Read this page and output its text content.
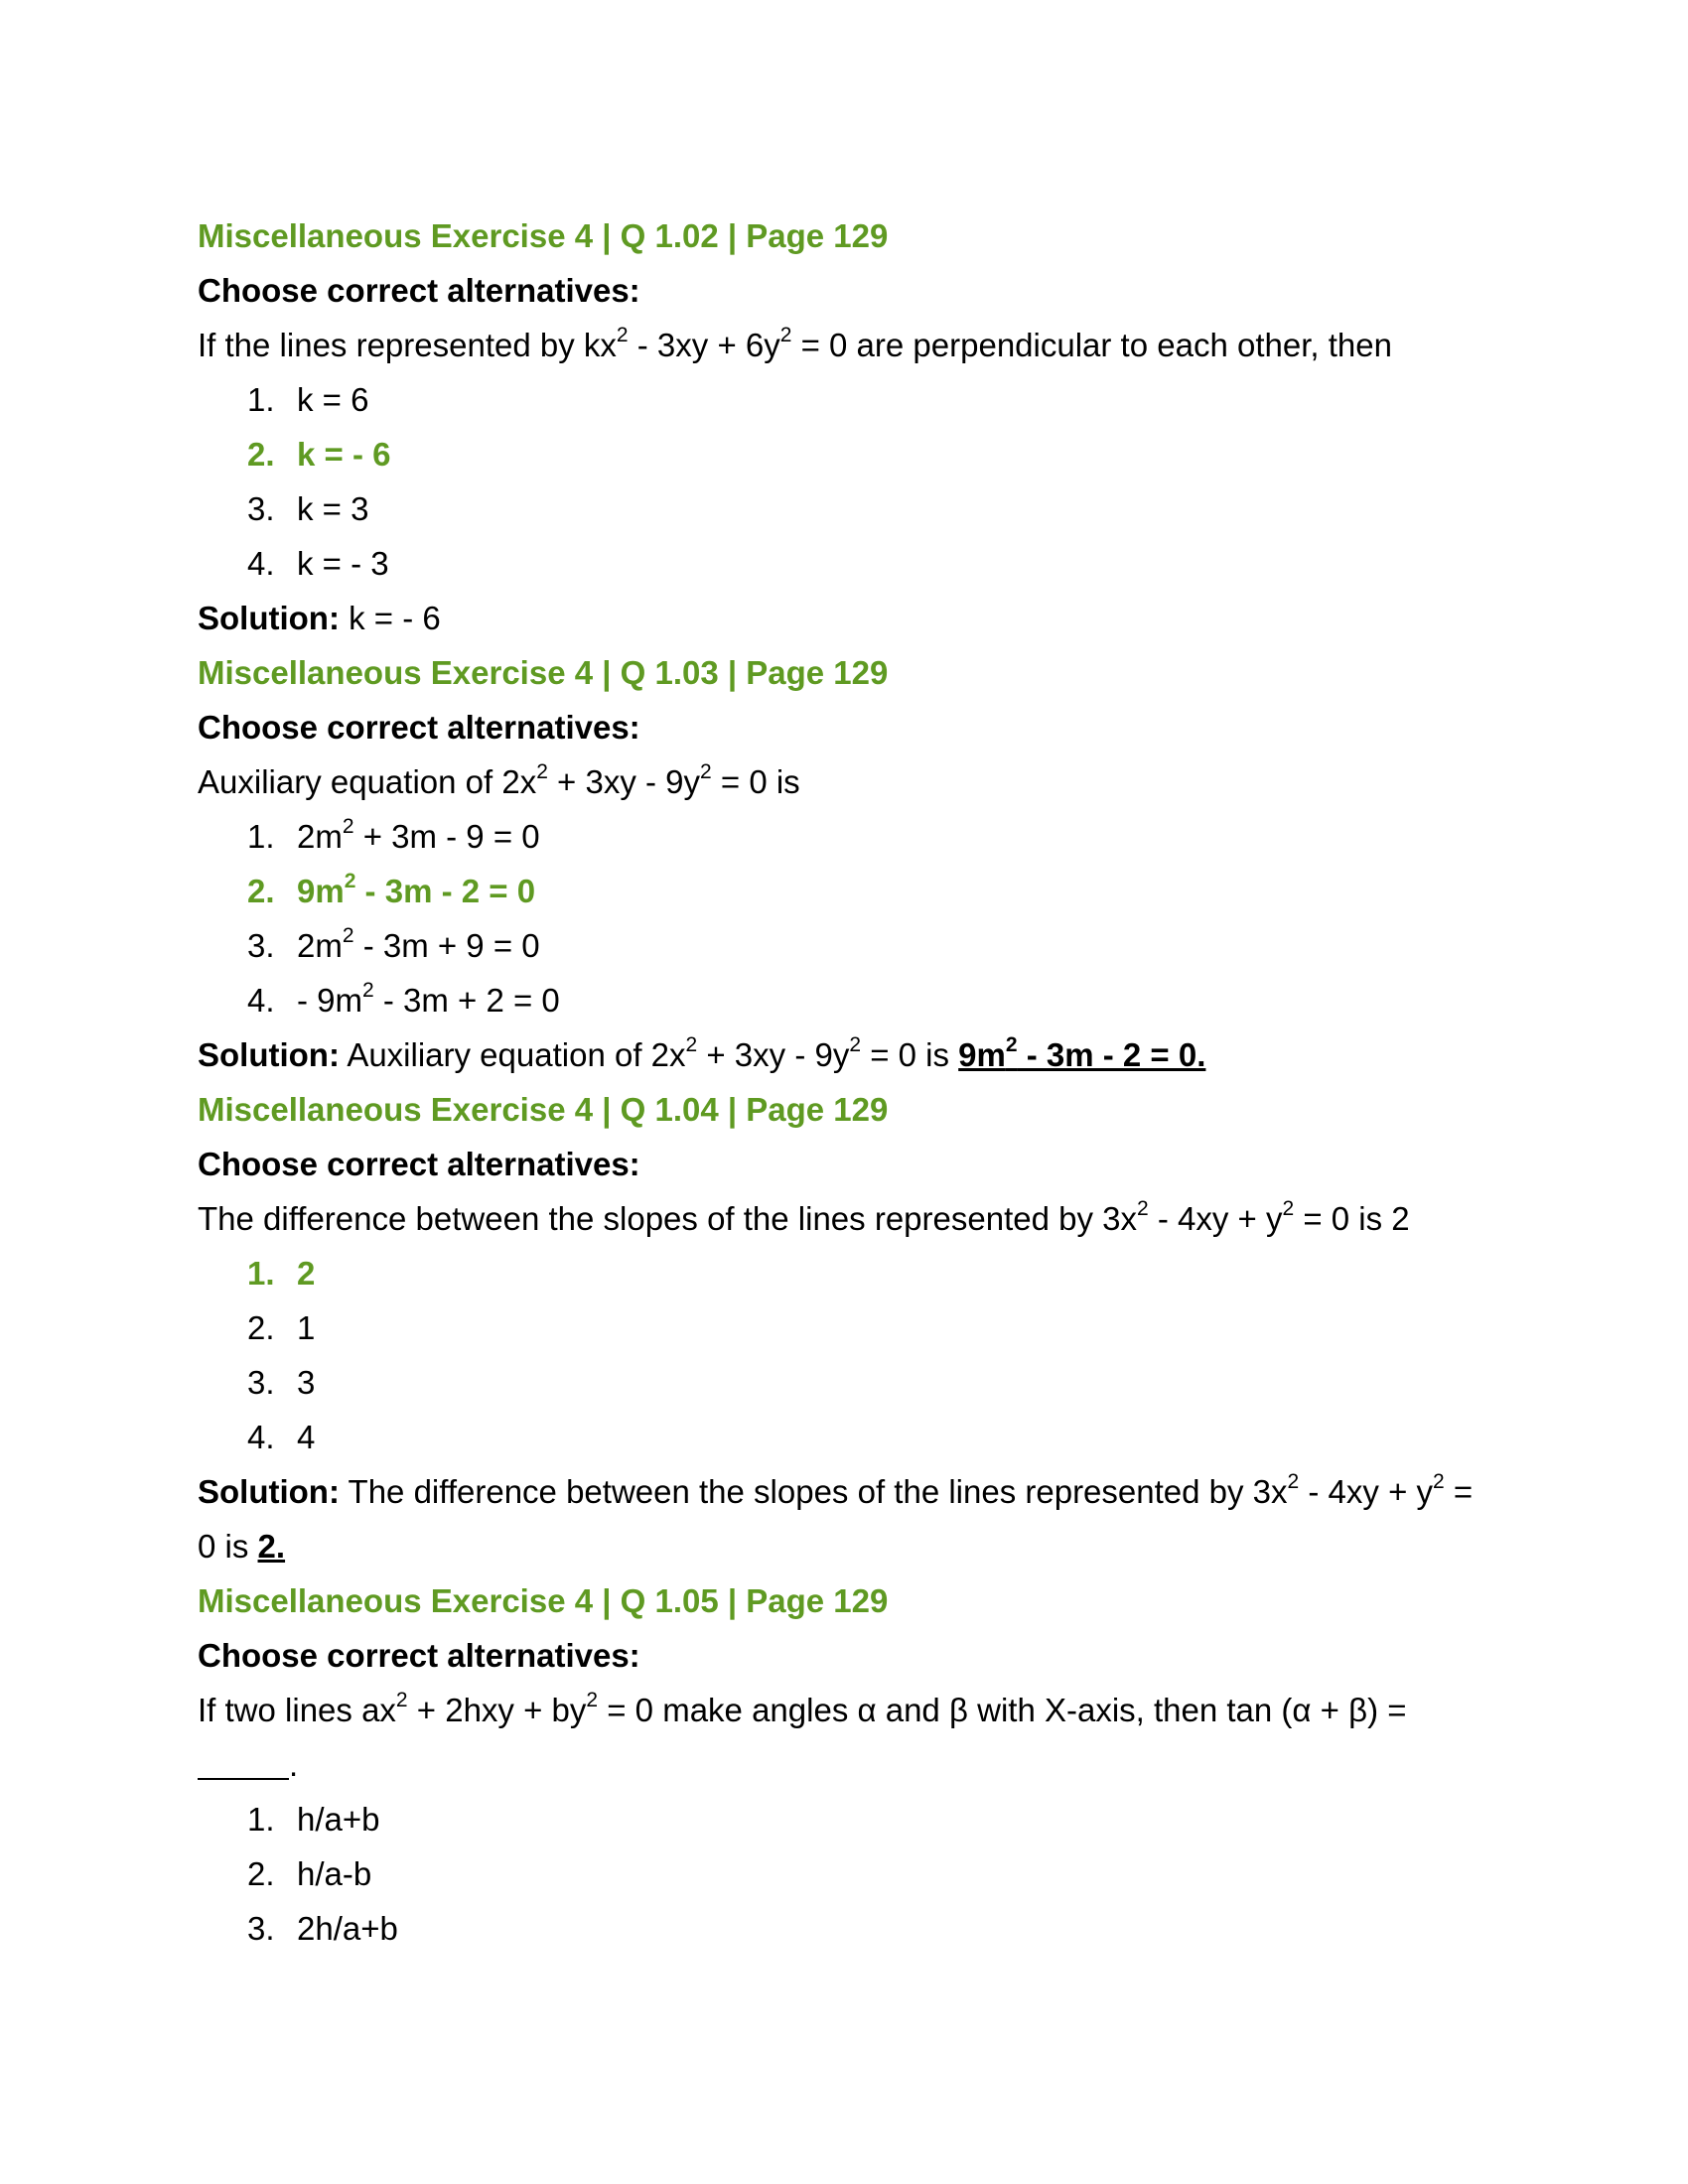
Miscellaneous Exercise 4 | Q 1.02 | Page 129
Choose correct alternatives:
If the lines represented by $kx^2 - 3xy + 6y^2 = 0$ are perpendicular to each other, then
1. k = 6
2. k = - 6
3. k = 3
4. k = - 3
Solution: k = - 6
Miscellaneous Exercise 4 | Q 1.03 | Page 129
Choose correct alternatives:
Auxiliary equation of $2x^2 + 3xy - 9y^2 = 0$ is
1. $2m^2 + 3m - 9 = 0$
2. $9m^2 - 3m - 2 = 0$
3. $2m^2 - 3m + 9 = 0$
4. - $9m^2 - 3m + 2 = 0$
Solution: Auxiliary equation of $2x^2 + 3xy - 9y^2 = 0$ is $9m^2 - 3m - 2 = 0$.
Miscellaneous Exercise 4 | Q 1.04 | Page 129
Choose correct alternatives:
The difference between the slopes of the lines represented by $3x^2 - 4xy + y^2 = 0$ is 2
1. 2
2. 1
3. 3
4. 4
Solution: The difference between the slopes of the lines represented by $3x^2 - 4xy + y^2$ =
0 is 2.
Miscellaneous Exercise 4 | Q 1.05 | Page 129
Choose correct alternatives:
If two lines $ax^2 + 2hxy + by^2 = 0$ make angles α and β with X-axis, then tan (α + β) =
.
1. h/a+b
2. h/a-b
3. 2h/a+b
